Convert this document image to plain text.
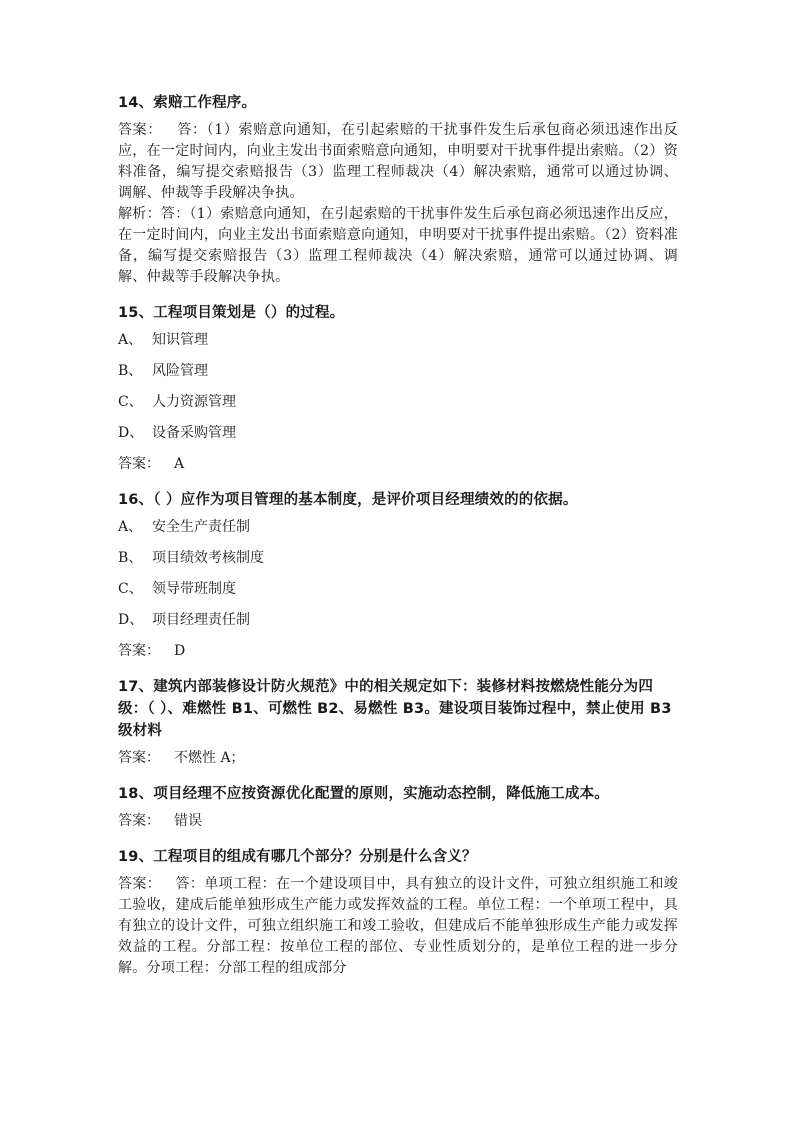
14、索赔工作程序。

答案： 答：（1）索赔意向通知，在引起索赔的干扰事件发生后承包商必须迅速作出反应，在一定时间内，向业主发出书面索赔意向通知，申明要对干扰事件提出索赔。（2）资料准备，编写提交索赔报告（3）监理工程师裁决（4）解决索赔，通常可以通过协调、调解、仲裁等手段解决争执。

解析：答：（1）索赔意向通知，在引起索赔的干扰事件发生后承包商必须迅速作出反应，在一定时间内，向业主发出书面索赔意向通知，申明要对干扰事件提出索赔。（2）资料准备，编写提交索赔报告（3）监理工程师裁决（4）解决索赔，通常可以通过协调、调解、仲裁等手段解决争执。

15、工程项目策划是（）的过程。
A、 知识管理
B、 风险管理
C、 人力资源管理
D、 设备采购管理
答案： A
16、（ ）应作为项目管理的基本制度，是评价项目经理绩效的的依据。
A、 安全生产责任制
B、 项目绩效考核制度
C、 领导带班制度
D、 项目经理责任制
答案： D
17、建筑内部装修设计防火规范》中的相关规定如下：装修材料按燃烧性能分为四级：（ ）、难燃性 B1、可燃性 B2、易燃性 B3。建设项目装饰过程中，禁止使用 B3 级材料
答案： 不燃性 A；
18、项目经理不应按资源优化配置的原则，实施动态控制，降低施工成本。
答案： 错误
19、工程项目的组成有哪几个部分？分别是什么含义？

答案： 答：单项工程：在一个建设项目中，具有独立的设计文件，可独立组织施工和竣工验收，建成后能单独形成生产能力或发挥效益的工程。单位工程：一个单项工程中，具有独立的设计文件，可独立组织施工和竣工验收，但建成后不能单独形成生产能力或发挥效益的工程。分部工程：按单位工程的部位、专业性质划分的，是单位工程的进一步分解。分项工程：分部工程的组成部分
